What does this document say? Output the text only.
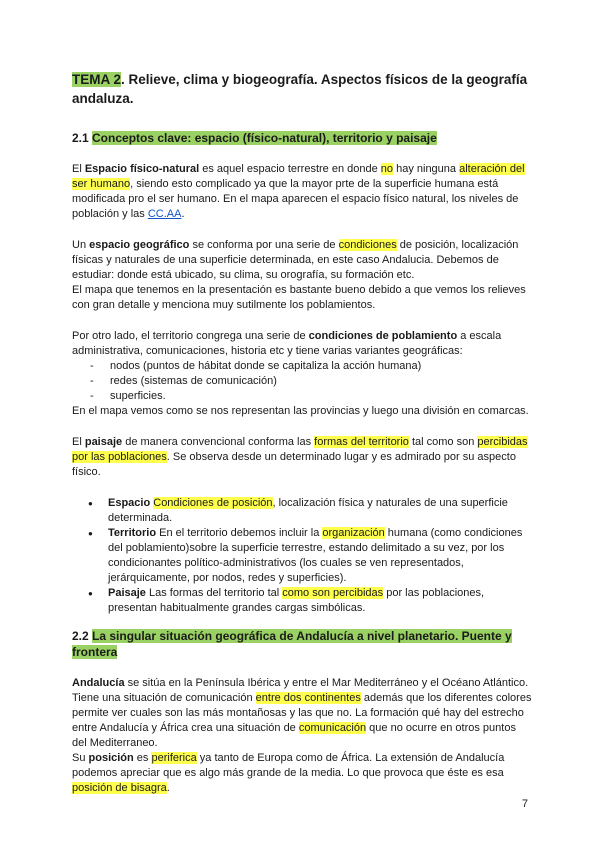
TEMA 2. Relieve, clima y biogeografía. Aspectos físicos de la geografía andaluza.
2.1 Conceptos clave: espacio (físico-natural), territorio y paisaje

El Espacio físico-natural es aquel espacio terrestre en donde no hay ninguna alteración del ser humano, siendo esto complicado ya que la mayor prte de la superficie humana está modificada pro el ser humano. En el mapa aparecen el espacio físico natural, los niveles de población y las CC.AA.

Un espacio geográfico se conforma por una serie de condiciones de posición, localización físicas y naturales de una superficie determinada, en este caso Andalucia. Debemos de estudiar: donde está ubicado, su clima, su orografía, su formación etc.

El mapa que tenemos en la presentación es bastante bueno debido a que vemos los relieves con gran detalle y menciona muy sutilmente los poblamientos.

Por otro lado, el territorio congrega una serie de condiciones de poblamiento a escala administrativa, comunicaciones, historia etc y tiene varias variantes geográficas:

- nodos (puntos de hábitat donde se capitaliza la acción humana)
- redes (sistemas de comunicación)
- superficies.

En el mapa vemos como se nos representan las provincias y luego una división en comarcas.

El paisaje de manera convencional conforma las formas del territorio tal como son percibidas por las poblaciones. Se observa desde un determinado lugar y es admirado por su aspecto físico.

● Espacio Condiciones de posición, localización física y naturales de una superficie determinada.
● Territorio En el territorio debemos incluir la organización humana (como condiciones del poblamiento)sobre la superficie terrestre, estando delimitado a su vez, por los condicionantes político-administrativos (los cuales se ven representados, jerárquicamente, por nodos, redes y superficies).
● Paisaje Las formas del territorio tal como son percibidas por las poblaciones, presentan habitualmente grandes cargas simbólicas.
2.2 La singular situación geográfica de Andalucía a nivel planetario. Puente y frontera

Andalucía se sitúa en la Península Ibérica y entre el Mar Mediterráneo y el Océano Atlántico. Tiene una situación de comunicación entre dos continentes además que los diferentes colores permite ver cuales son las más montañosas y las que no. La formación qué hay del estrecho entre Andalucía y África crea una situación de comunicación que no ocurre en otros puntos del Mediterraneo.

Su posición es periferica ya tanto de Europa como de África. La extensión de Andalucía podemos apreciar que es algo más grande de la media. Lo que provoca que éste es esa posición de bisagra.

7
